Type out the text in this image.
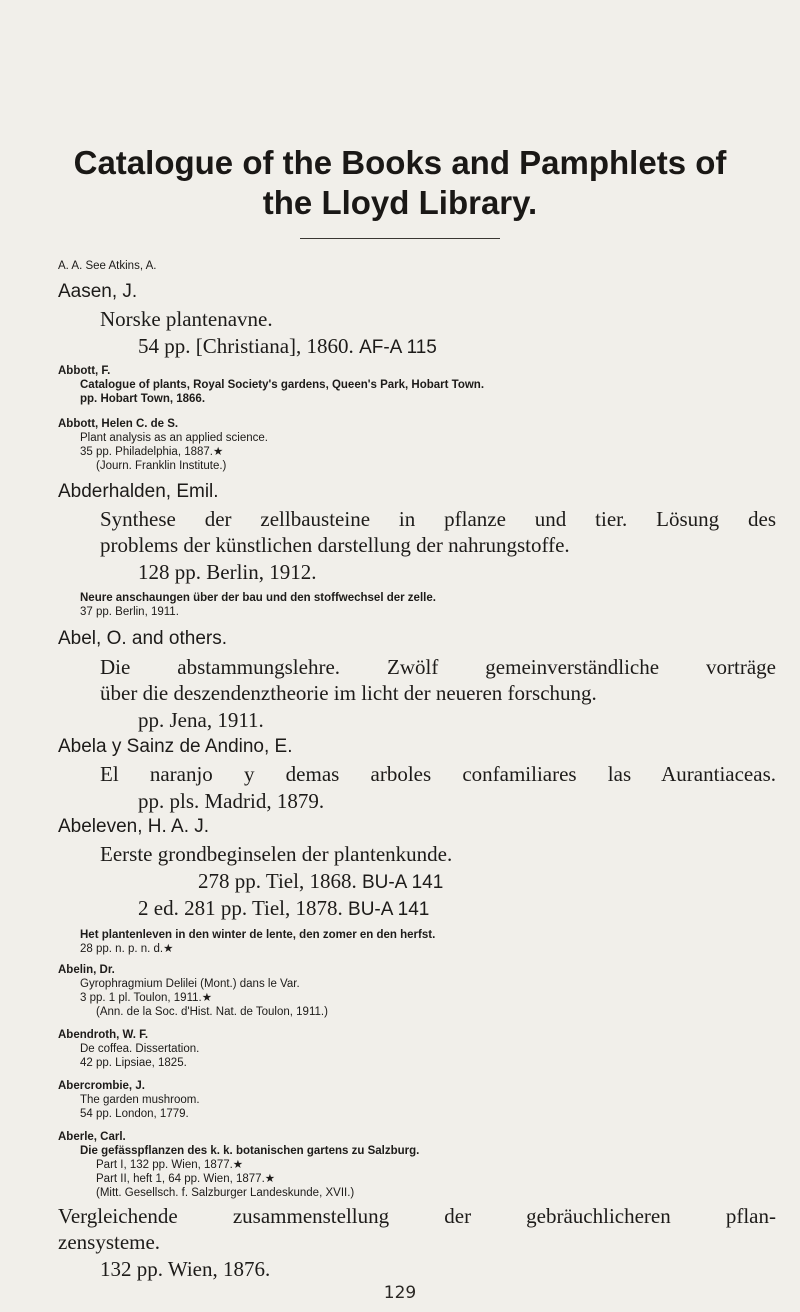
Catalogue of the Books and Pamphlets of
the Lloyd Library.
A. A. See Atkins, A.
Aasen, J.
Norske plantenavne.
54 pp. [Christiana], 1860. AF-A 115
Abbott, F.
Catalogue of plants, Royal Society's gardens, Queen's Park, Hobart Town.
pp. Hobart Town, 1866.
Abbott, Helen C. de S.
Plant analysis as an applied science.
35 pp. Philadelphia, 1887.★
(Journ. Franklin Institute.)
Abderhalden, Emil.
Synthese der zellbausteine in pflanze und tier. Lösung des
problems der künstlichen darstellung der nahrungstoffe.
128 pp. Berlin, 1912.
Neure anschaungen über der bau und den stoffwechsel der zelle.
37 pp. Berlin, 1911.
Abel, O. and others.
Die abstammungslehre. Zwölf gemeinverständliche vorträge
über die deszendenztheorie im licht der neueren forschung.
pp. Jena, 1911.
Abela y Sainz de Andino, E.
El naranjo y demas arboles confamiliares las Aurantiaceas.
pp. pls. Madrid, 1879.
Abeleven, H. A. J.
Eerste grondbeginselen der plantenkunde.
278 pp. Tiel, 1868. BU-A 141
2 ed. 281 pp. Tiel, 1878. BU-A 141
Het plantenleven in den winter de lente, den zomer en den herfst.
28 pp. n. p. n. d.★
Abelin, Dr.
Gyrophragmium Delilei (Mont.) dans le Var.
3 pp. 1 pl. Toulon, 1911.★
(Ann. de la Soc. d'Hist. Nat. de Toulon, 1911.)
Abendroth, W. F.
De coffea. Dissertation.
42 pp. Lipsiae, 1825.
Abercrombie, J.
The garden mushroom.
54 pp. London, 1779.
Aberle, Carl.
Die gefässpflanzen des k. k. botanischen gartens zu Salzburg.
Part I, 132 pp. Wien, 1877.★
Part II, heft 1, 64 pp. Wien, 1877.★
(Mitt. Gesellsch. f. Salzburger Landeskunde, XVII.)
Vergleichende zusammenstellung der gebräuchlicheren pflan-
zensysteme.
132 pp. Wien, 1876.
129
